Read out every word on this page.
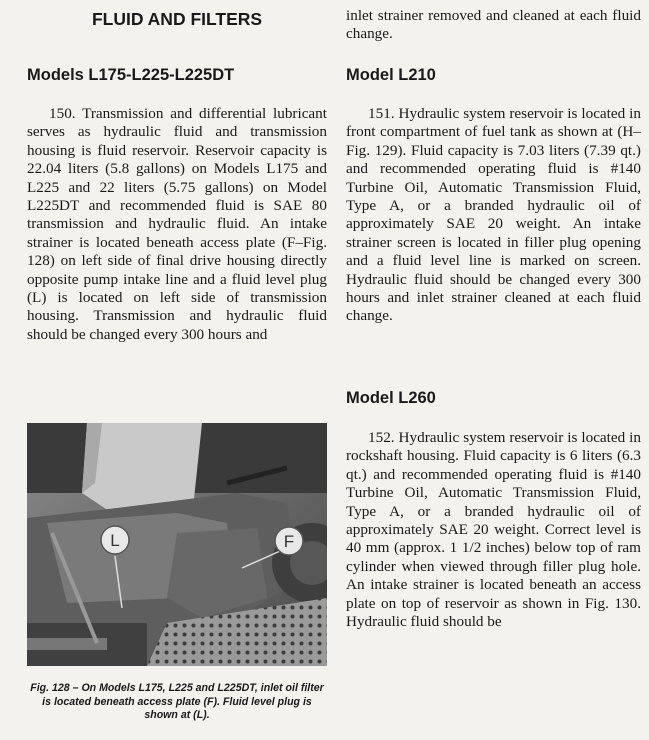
FLUID AND FILTERS
Models L175-L225-L225DT

150. Transmission and differential lubricant serves as hydraulic fluid and transmission housing is fluid reservoir. Reservoir capacity is 22.04 liters (5.8 gallons) on Models L175 and L225 and 22 liters (5.75 gallons) on Model L225DT and recommended fluid is SAE 80 transmission and hydraulic fluid. An intake strainer is located beneath access plate (F–Fig. 128) on left side of final drive housing directly opposite pump intake line and a fluid level plug (L) is located on left side of transmission housing. Transmission and hydraulic fluid should be changed every 300 hours and

L	F

Fig. 128 – On Models L175, L225 and L225DT, inlet oil filter is located beneath access plate (F). Fluid level plug is shown at (L).

inlet strainer removed and cleaned at each fluid change.

Model L210

151. Hydraulic system reservoir is located in front compartment of fuel tank as shown at (H–Fig. 129). Fluid capacity is 7.03 liters (7.39 qt.) and recommended operating fluid is #140 Turbine Oil, Automatic Transmission Fluid, Type A, or a branded hydraulic oil of approximately SAE 20 weight. An intake strainer screen is located in filler plug opening and a fluid level line is marked on screen. Hydraulic fluid should be changed every 300 hours and inlet strainer cleaned at each fluid change.

Model L260

152. Hydraulic system reservoir is located in rockshaft housing. Fluid capacity is 6 liters (6.3 qt.) and recommended operating fluid is #140 Turbine Oil, Automatic Transmission Fluid, Type A, or a branded hydraulic oil of approximately SAE 20 weight. Correct level is 40 mm (approx. 1 1/2 inches) below top of ram cylinder when viewed through filler plug hole. An intake strainer is located beneath an access plate on top of reservoir as shown in Fig. 130. Hydraulic fluid should be
